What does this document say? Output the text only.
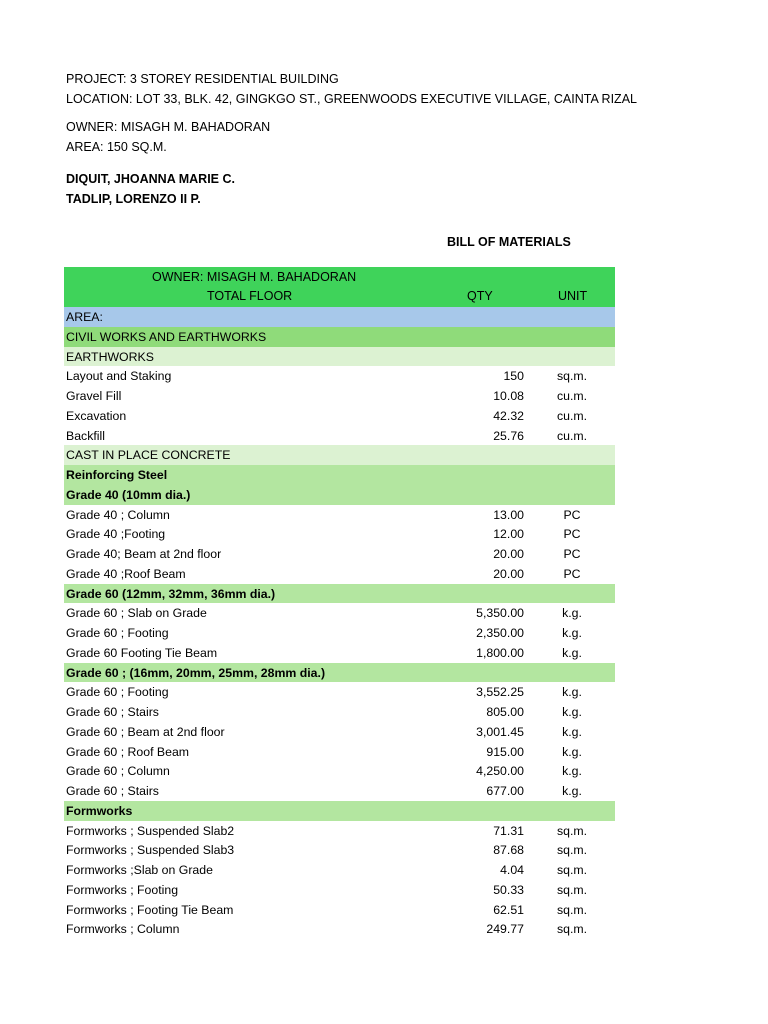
PROJECT: 3 STOREY RESIDENTIAL BUILDING
LOCATION: LOT 33, BLK. 42, GINGKGO ST., GREENWOODS EXECUTIVE VILLAGE, CAINTA RIZAL
OWNER: MISAGH M. BAHADORAN
AREA: 150 SQ.M.
DIQUIT, JHOANNA MARIE C.
TADLIP, LORENZO II P.
BILL OF MATERIALS
OWNER: MISAGH M. BAHADORAN
TOTAL FLOOR	QTY	UNIT
AREA:
CIVIL WORKS AND EARTHWORKS
EARTHWORKS
Layout and Staking	150	sq.m.
Gravel Fill	10.08	cu.m.
Excavation	42.32	cu.m.
Backfill	25.76	cu.m.
CAST IN PLACE CONCRETE
Reinforcing Steel
Grade 40 (10mm dia.)
Grade 40 ; Column	13.00	PC
Grade 40 ;Footing	12.00	PC
Grade 40; Beam at 2nd floor	20.00	PC
Grade 40 ;Roof Beam	20.00	PC
Grade 60 (12mm, 32mm, 36mm dia.)
Grade 60 ; Slab on Grade	5,350.00	k.g.
Grade 60 ; Footing	2,350.00	k.g.
Grade 60 Footing Tie Beam	1,800.00	k.g.
Grade 60 ; (16mm, 20mm, 25mm, 28mm dia.)
Grade 60 ; Footing	3,552.25	k.g.
Grade 60 ; Stairs	805.00	k.g.
Grade 60 ; Beam at 2nd floor	3,001.45	k.g.
Grade 60 ; Roof Beam	915.00	k.g.
Grade 60 ; Column	4,250.00	k.g.
Grade 60 ; Stairs	677.00	k.g.
Formworks
Formworks ; Suspended Slab2	71.31	sq.m.
Formworks ; Suspended Slab3	87.68	sq.m.
Formworks ;Slab on Grade	4.04	sq.m.
Formworks ; Footing	50.33	sq.m.
Formworks ; Footing Tie Beam	62.51	sq.m.
Formworks ; Column	249.77	sq.m.
